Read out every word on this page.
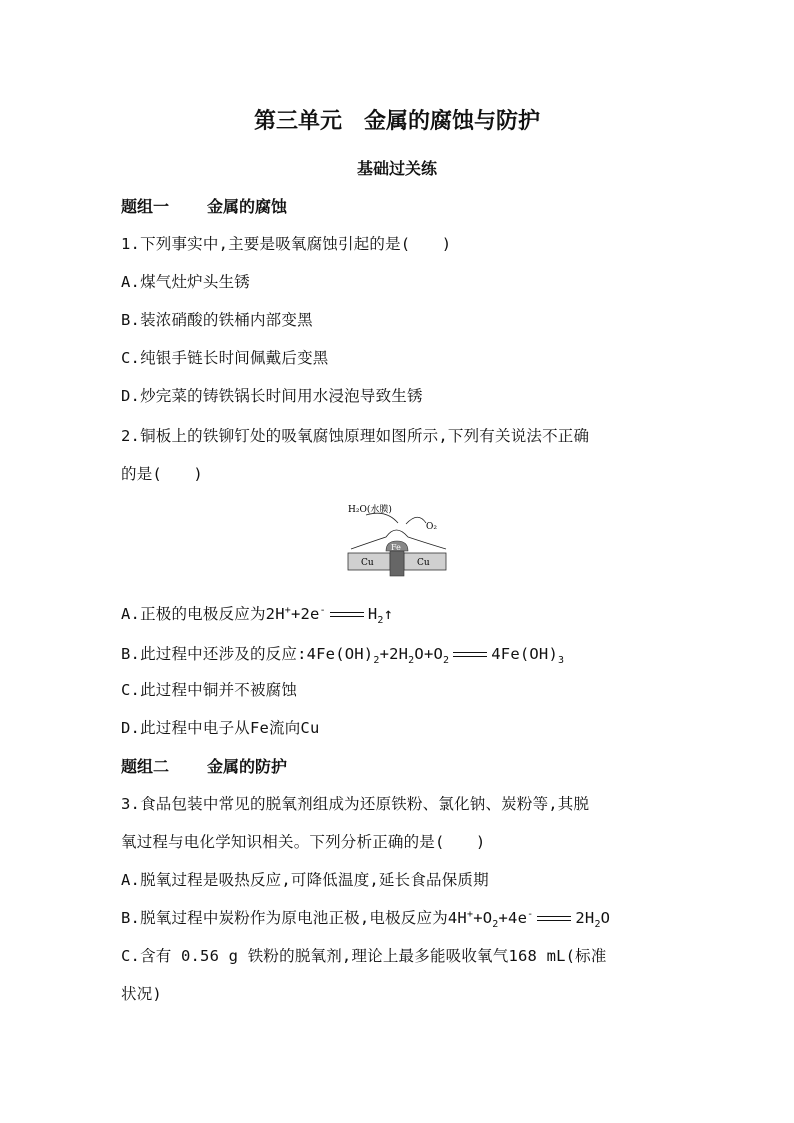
第三单元 金属的腐蚀与防护
基础过关练
题组一 金属的腐蚀
1.下列事实中,主要是吸氧腐蚀引起的是(　　)
A.煤气灶炉头生锈
B.装浓硝酸的铁桶内部变黑
C.纯银手链长时间佩戴后变黑
D.炒完菜的铸铁锅长时间用水浸泡导致生锈
2.铜板上的铁铆钉处的吸氧腐蚀原理如图所示,下列有关说法不正确
的是(　　)
H₂O(水膜)
O₂
Fe
Cu	Cu
A.正极的电极反应为2H++2e-	$H_2↑$
B.此过程中还涉及的反应$:4Fe(OH)_2+2H_2O+O_2$	$4Fe(OH)_3$
C.此过程中铜并不被腐蚀
D.此过程中电子从Fe流向Cu
题组二 金属的防护
3.食品包装中常见的脱氧剂组成为还原铁粉、氯化钠、炭粉等,其脱
氧过程与电化学知识相关。下列分析正确的是(　　)
A.脱氧过程是吸热反应,可降低温度,延长食品保质期
B.脱氧过程中炭粉作为原电池正极,电极反应为$4H^++O_2+4e^-$	$2H_2O$
C.含有 0.56 g 铁粉的脱氧剂,理论上最多能吸收氧气168 mL(标准
状况)
